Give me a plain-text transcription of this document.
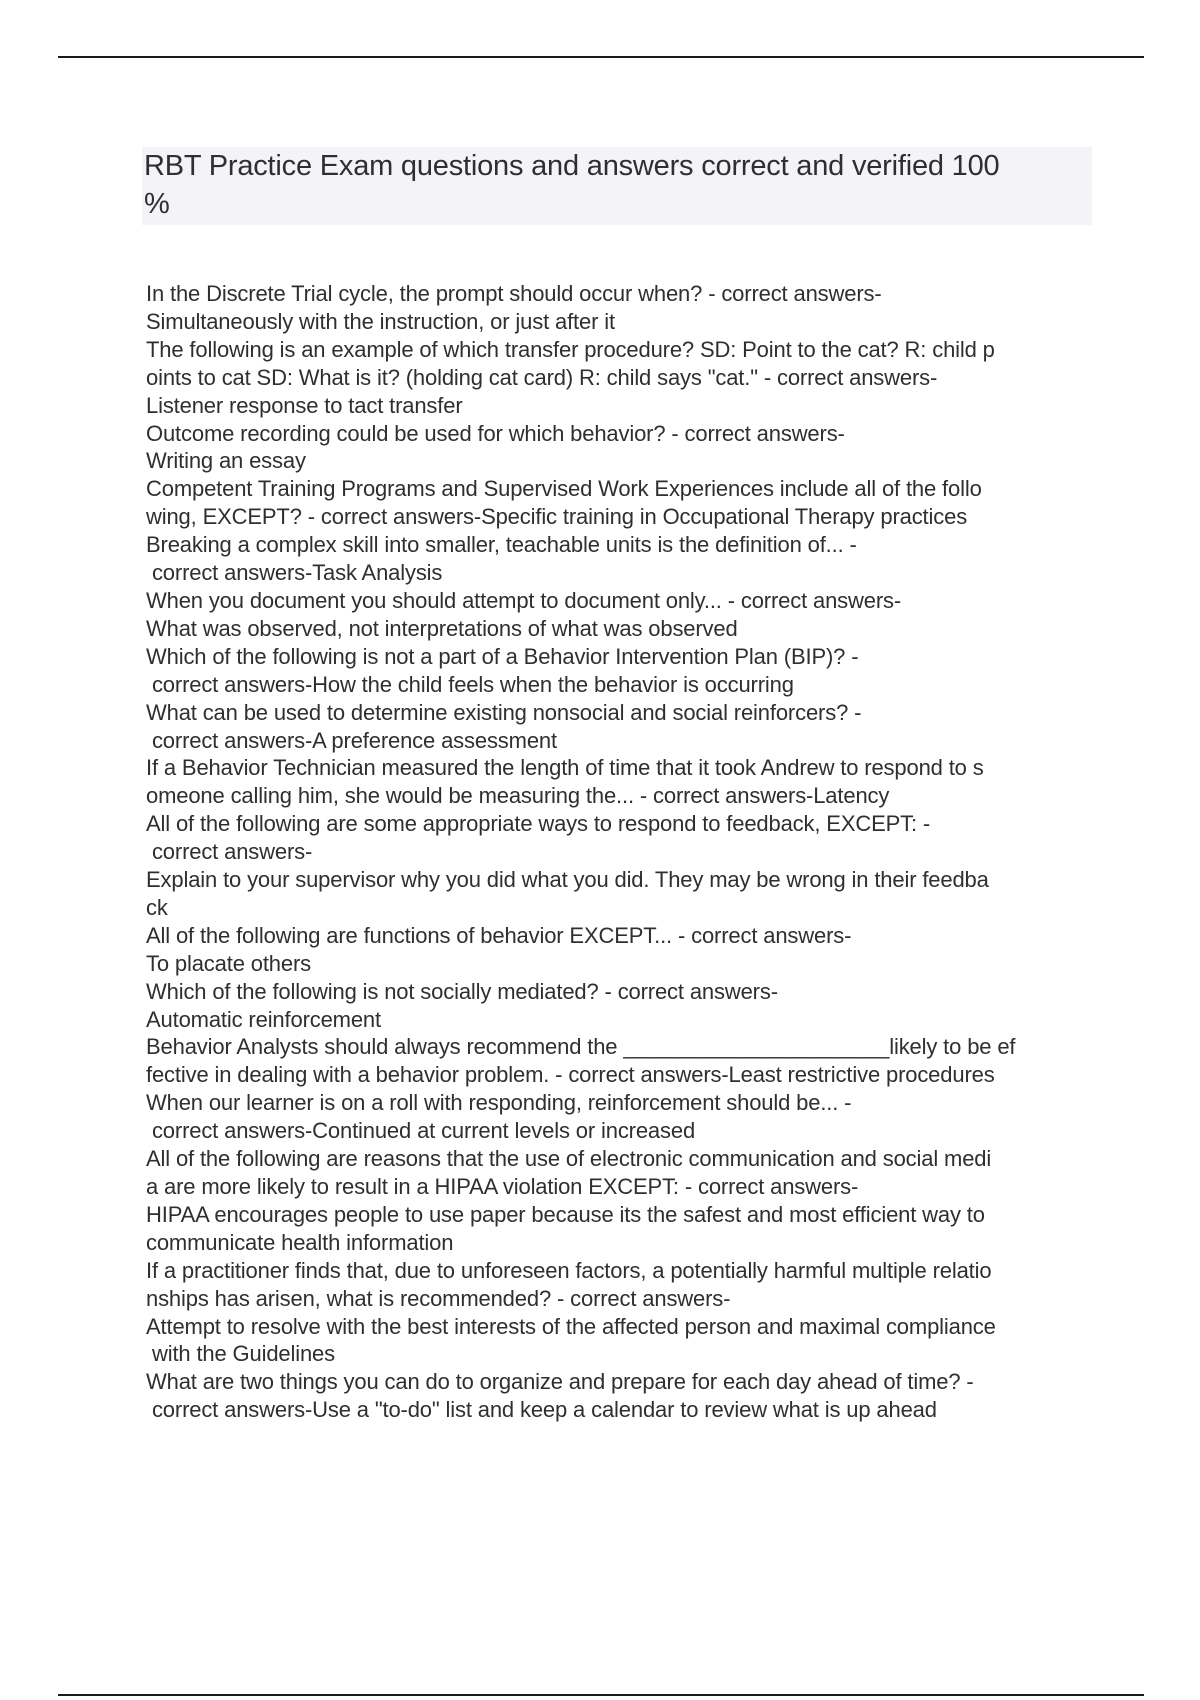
RBT Practice Exam questions and answers correct and verified 100
%
In the Discrete Trial cycle, the prompt should occur when? - correct answers-
Simultaneously with the instruction, or just after it
The following is an example of which transfer procedure? SD: Point to the cat? R: child p
oints to cat SD: What is it? (holding cat card) R: child says "cat." - correct answers-
Listener response to tact transfer
Outcome recording could be used for which behavior? - correct answers-
Writing an essay
Competent Training Programs and Supervised Work Experiences include all of the follo
wing, EXCEPT? - correct answers-Specific training in Occupational Therapy practices
Breaking a complex skill into smaller, teachable units is the definition of... -
correct answers-Task Analysis
When you document you should attempt to document only... - correct answers-
What was observed, not interpretations of what was observed
Which of the following is not a part of a Behavior Intervention Plan (BIP)? -
correct answers-How the child feels when the behavior is occurring
What can be used to determine existing nonsocial and social reinforcers? -
correct answers-A preference assessment
If a Behavior Technician measured the length of time that it took Andrew to respond to s
omeone calling him, she would be measuring the... - correct answers-Latency
All of the following are some appropriate ways to respond to feedback, EXCEPT: -
correct answers-
Explain to your supervisor why you did what you did. They may be wrong in their feedba
ck
All of the following are functions of behavior EXCEPT... - correct answers-
To placate others
Which of the following is not socially mediated? - correct answers-
Automatic reinforcement
Behavior Analysts should always recommend the ______________________likely to be ef
fective in dealing with a behavior problem. - correct answers-Least restrictive procedures
When our learner is on a roll with responding, reinforcement should be... -
correct answers-Continued at current levels or increased
All of the following are reasons that the use of electronic communication and social medi
a are more likely to result in a HIPAA violation EXCEPT: - correct answers-
HIPAA encourages people to use paper because its the safest and most efficient way to
communicate health information
If a practitioner finds that, due to unforeseen factors, a potentially harmful multiple relatio
nships has arisen, what is recommended? - correct answers-
Attempt to resolve with the best interests of the affected person and maximal compliance
with the Guidelines
What are two things you can do to organize and prepare for each day ahead of time? -
correct answers-Use a "to-do" list and keep a calendar to review what is up ahead
